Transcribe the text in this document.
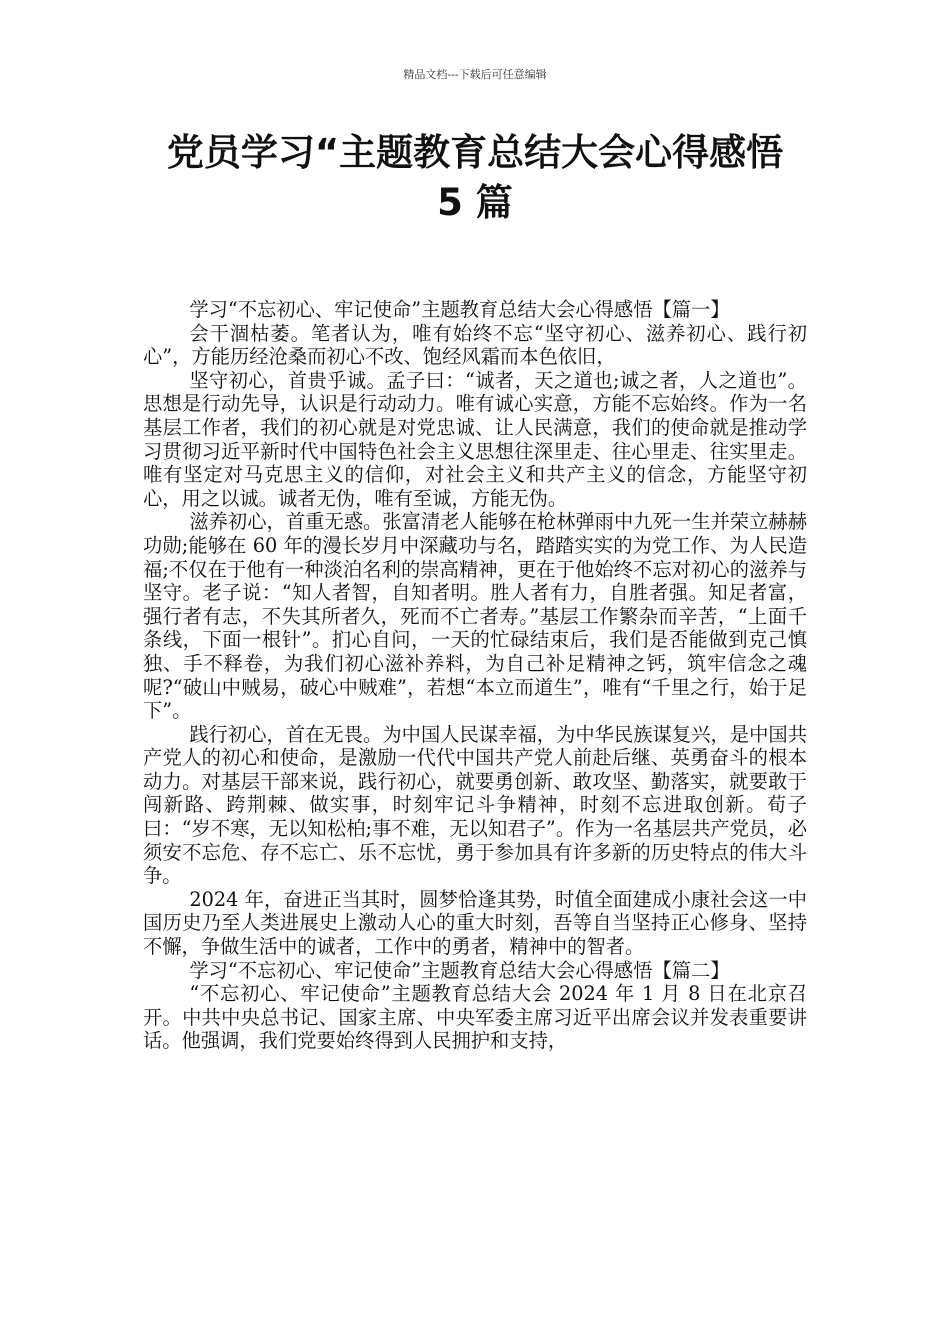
精品文档---下载后可任意编辑
党员学习“主题教育总结大会心得感悟
5 篇

学习“不忘初心、牢记使命”主题教育总结大会心得感悟【篇一】

会干涸枯萎。笔者认为，唯有始终不忘“坚守初心、滋养初心、践行初心”，方能历经沧桑而初心不改、饱经风霜而本色依旧，

坚守初心，首贵乎诚。孟子曰：“诚者，天之道也;诚之者，人之道也”。思想是行动先导，认识是行动动力。唯有诚心实意，方能不忘始终。作为一名基层工作者，我们的初心就是对党忠诚、让人民满意，我们的使命就是推动学习贯彻习近平新时代中国特色社会主义思想往深里走、往心里走、往实里走。唯有坚定对马克思主义的信仰，对社会主义和共产主义的信念，方能坚守初心，用之以诚。诚者无伪，唯有至诚，方能无伪。

滋养初心，首重无惑。张富清老人能够在枪林弹雨中九死一生并荣立赫赫功勋;能够在 60 年的漫长岁月中深藏功与名，踏踏实实的为党工作、为人民造福;不仅在于他有一种淡泊名利的崇高精神，更在于他始终不忘对初心的滋养与坚守。老子说：“知人者智，自知者明。胜人者有力，自胜者强。知足者富，强行者有志，不失其所者久，死而不亡者寿。”基层工作繁杂而辛苦，“上面千条线，下面一根针”。扪心自问，一天的忙碌结束后，我们是否能做到克己慎独、手不释卷，为我们初心滋补养料，为自己补足精神之钙，筑牢信念之魂呢?“破山中贼易，破心中贼难”，若想“本立而道生”，唯有“千里之行，始于足下”。

践行初心，首在无畏。为中国人民谋幸福，为中华民族谋复兴，是中国共产党人的初心和使命，是激励一代代中国共产党人前赴后继、英勇奋斗的根本动力。对基层干部来说，践行初心，就要勇创新、敢攻坚、勤落实，就要敢于闯新路、跨荆棘、做实事，时刻牢记斗争精神，时刻不忘进取创新。荀子曰：“岁不寒，无以知松柏;事不难，无以知君子”。作为一名基层共产党员，必须安不忘危、存不忘亡、乐不忘忧，勇于参加具有许多新的历史特点的伟大斗争。

2024 年，奋进正当其时，圆梦恰逢其势，时值全面建成小康社会这一中国历史乃至人类进展史上激动人心的重大时刻，吾等自当坚持正心修身、坚持不懈，争做生活中的诚者，工作中的勇者，精神中的智者。

学习“不忘初心、牢记使命”主题教育总结大会心得感悟【篇二】

“不忘初心、牢记使命”主题教育总结大会 2024 年 1 月 8 日在北京召开。中共中央总书记、国家主席、中央军委主席习近平出席会议并发表重要讲话。他强调，我们党要始终得到人民拥护和支持，
